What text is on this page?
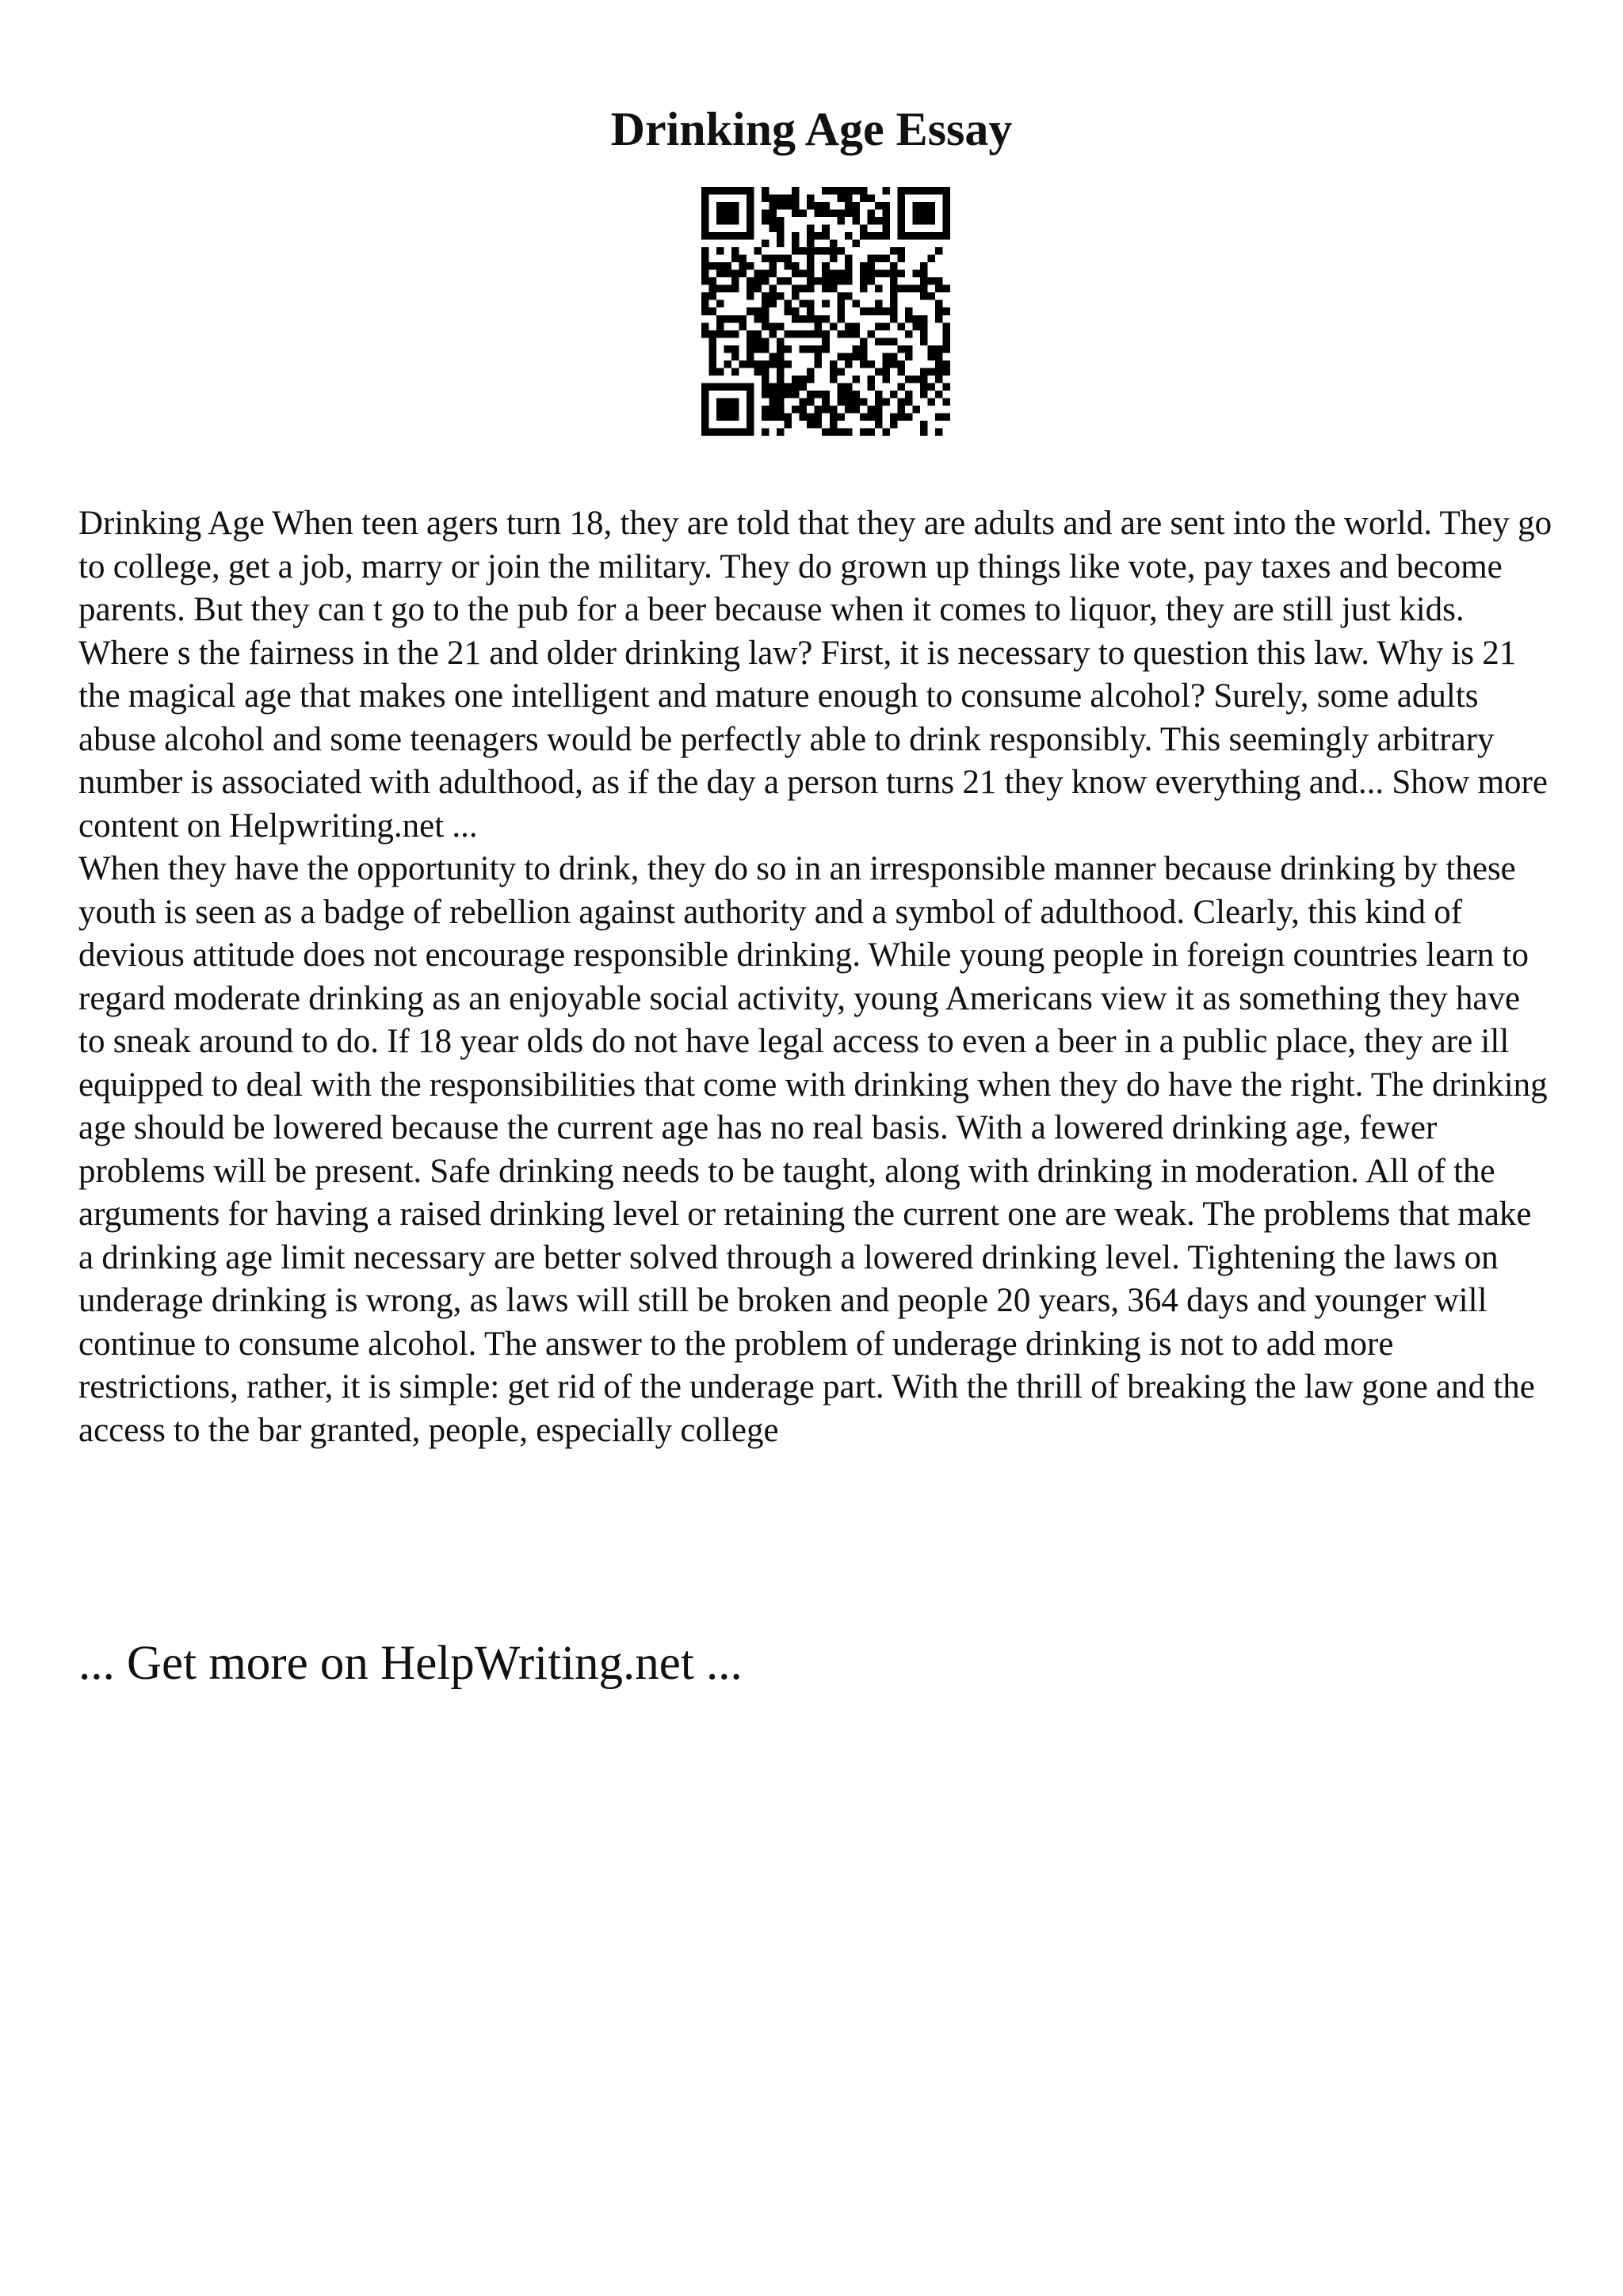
Drinking Age Essay

Drinking Age When teen agers turn 18, they are told that they are adults and are sent into the world. They go to college, get a job, marry or join the military. They do grown up things like vote, pay taxes and become parents. But they can t go to the pub for a beer because when it comes to liquor, they are still just kids. Where s the fairness in the 21 and older drinking law? First, it is necessary to question this law. Why is 21 the magical age that makes one intelligent and mature enough to consume alcohol? Surely, some adults abuse alcohol and some teenagers would be perfectly able to drink responsibly. This seemingly arbitrary number is associated with adulthood, as if the day a person turns 21 they know everything and... Show more content on Helpwriting.net ...

When they have the opportunity to drink, they do so in an irresponsible manner because drinking by these youth is seen as a badge of rebellion against authority and a symbol of adulthood. Clearly, this kind of devious attitude does not encourage responsible drinking. While young people in foreign countries learn to regard moderate drinking as an enjoyable social activity, young Americans view it as something they have to sneak around to do. If 18 year olds do not have legal access to even a beer in a public place, they are ill equipped to deal with the responsibilities that come with drinking when they do have the right. The drinking age should be lowered because the current age has no real basis. With a lowered drinking age, fewer problems will be present. Safe drinking needs to be taught, along with drinking in moderation. All of the arguments for having a raised drinking level or retaining the current one are weak. The problems that make a drinking age limit necessary are better solved through a lowered drinking level. Tightening the laws on underage drinking is wrong, as laws will still be broken and people 20 years, 364 days and younger will continue to consume alcohol. The answer to the problem of underage drinking is not to add more restrictions, rather, it is simple: get rid of the underage part. With the thrill of breaking the law gone and the access to the bar granted, people, especially college

... Get more on HelpWriting.net ...
